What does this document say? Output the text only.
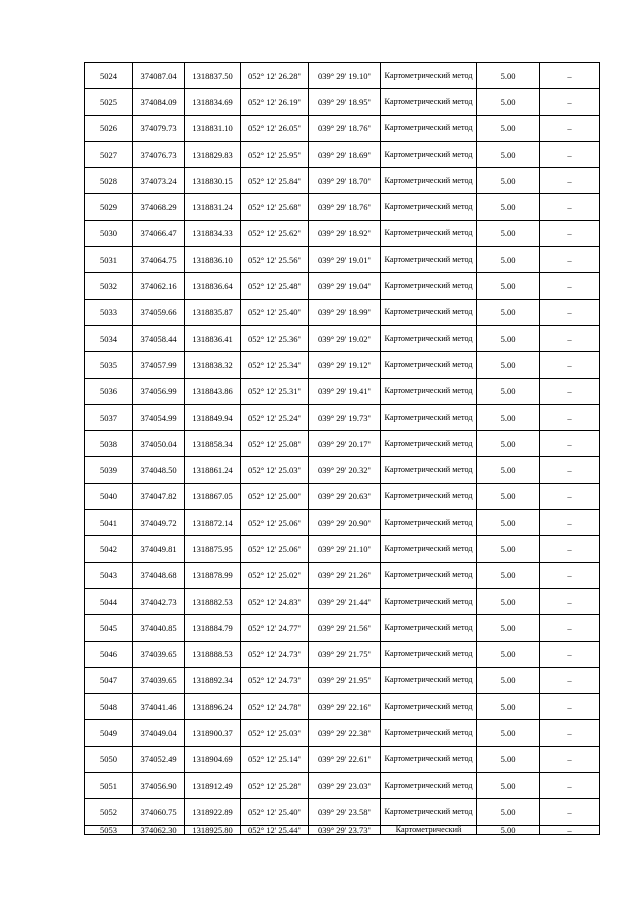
5024	374087.04	1318837.50	052° 12' 26.28"	039° 29' 19.10"	Картометрический метод	5.00	–
5025	374084.09	1318834.69	052° 12' 26.19"	039° 29' 18.95"	Картометрический метод	5.00	–
5026	374079.73	1318831.10	052° 12' 26.05"	039° 29' 18.76"	Картометрический метод	5.00	–
5027	374076.73	1318829.83	052° 12' 25.95"	039° 29' 18.69"	Картометрический метод	5.00	–
5028	374073.24	1318830.15	052° 12' 25.84"	039° 29' 18.70"	Картометрический метод	5.00	–
5029	374068.29	1318831.24	052° 12' 25.68"	039° 29' 18.76"	Картометрический метод	5.00	–
5030	374066.47	1318834.33	052° 12' 25.62"	039° 29' 18.92"	Картометрический метод	5.00	–
5031	374064.75	1318836.10	052° 12' 25.56"	039° 29' 19.01"	Картометрический метод	5.00	–
5032	374062.16	1318836.64	052° 12' 25.48"	039° 29' 19.04"	Картометрический метод	5.00	–
5033	374059.66	1318835.87	052° 12' 25.40"	039° 29' 18.99"	Картометрический метод	5.00	–
5034	374058.44	1318836.41	052° 12' 25.36"	039° 29' 19.02"	Картометрический метод	5.00	–
5035	374057.99	1318838.32	052° 12' 25.34"	039° 29' 19.12"	Картометрический метод	5.00	–
5036	374056.99	1318843.86	052° 12' 25.31"	039° 29' 19.41"	Картометрический метод	5.00	–
5037	374054.99	1318849.94	052° 12' 25.24"	039° 29' 19.73"	Картометрический метод	5.00	–
5038	374050.04	1318858.34	052° 12' 25.08"	039° 29' 20.17"	Картометрический метод	5.00	–
5039	374048.50	1318861.24	052° 12' 25.03"	039° 29' 20.32"	Картометрический метод	5.00	–
5040	374047.82	1318867.05	052° 12' 25.00"	039° 29' 20.63"	Картометрический метод	5.00	–
5041	374049.72	1318872.14	052° 12' 25.06"	039° 29' 20.90"	Картометрический метод	5.00	–
5042	374049.81	1318875.95	052° 12' 25.06"	039° 29' 21.10"	Картометрический метод	5.00	–
5043	374048.68	1318878.99	052° 12' 25.02"	039° 29' 21.26"	Картометрический метод	5.00	–
5044	374042.73	1318882.53	052° 12' 24.83"	039° 29' 21.44"	Картометрический метод	5.00	–
5045	374040.85	1318884.79	052° 12' 24.77"	039° 29' 21.56"	Картометрический метод	5.00	–
5046	374039.65	1318888.53	052° 12' 24.73"	039° 29' 21.75"	Картометрический метод	5.00	–
5047	374039.65	1318892.34	052° 12' 24.73"	039° 29' 21.95"	Картометрический метод	5.00	–
5048	374041.46	1318896.24	052° 12' 24.78"	039° 29' 22.16"	Картометрический метод	5.00	–
5049	374049.04	1318900.37	052° 12' 25.03"	039° 29' 22.38"	Картометрический метод	5.00	–
5050	374052.49	1318904.69	052° 12' 25.14"	039° 29' 22.61"	Картометрический метод	5.00	–
5051	374056.90	1318912.49	052° 12' 25.28"	039° 29' 23.03"	Картометрический метод	5.00	–
5052	374060.75	1318922.89	052° 12' 25.40"	039° 29' 23.58"	Картометрический метод	5.00	–
5053	374062.30	1318925.80	052° 12' 25.44"	039° 29' 23.73"	Картометрический	5.00	–
